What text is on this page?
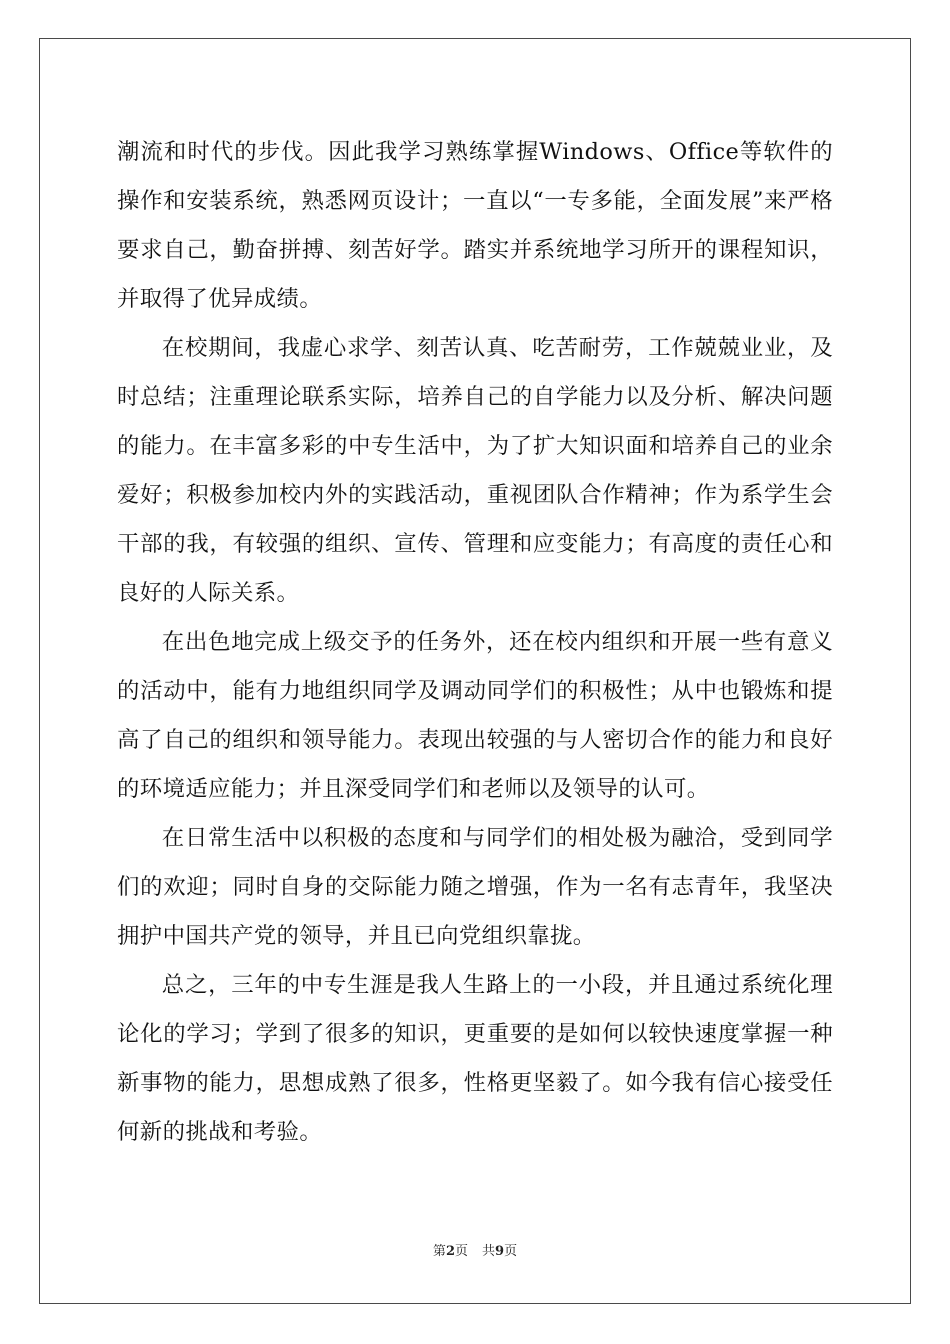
潮流和时代的步伐。因此我学习熟练掌握Windows、Office等软件的操作和安装系统，熟悉网页设计；一直以“一专多能，全面发展”来严格要求自己，勤奋拼搏、刻苦好学。踏实并系统地学习所开的课程知识，并取得了优异成绩。

在校期间，我虚心求学、刻苦认真、吃苦耐劳，工作兢兢业业，及时总结；注重理论联系实际，培养自己的自学能力以及分析、解决问题的能力。在丰富多彩的中专生活中，为了扩大知识面和培养自己的业余爱好；积极参加校内外的实践活动，重视团队合作精神；作为系学生会干部的我，有较强的组织、宣传、管理和应变能力；有高度的责任心和良好的人际关系。

在出色地完成上级交予的任务外，还在校内组织和开展一些有意义的活动中，能有力地组织同学及调动同学们的积极性；从中也锻炼和提高了自己的组织和领导能力。表现出较强的与人密切合作的能力和良好的环境适应能力；并且深受同学们和老师以及领导的认可。

在日常生活中以积极的态度和与同学们的相处极为融洽，受到同学们的欢迎；同时自身的交际能力随之增强，作为一名有志青年，我坚决拥护中国共产党的领导，并且已向党组织靠拢。

总之，三年的中专生涯是我人生路上的一小段，并且通过系统化理论化的学习；学到了很多的知识，更重要的是如何以较快速度掌握一种新事物的能力，思想成熟了很多，性格更坚毅了。如今我有信心接受任何新的挑战和考验。

第2页 共9页
